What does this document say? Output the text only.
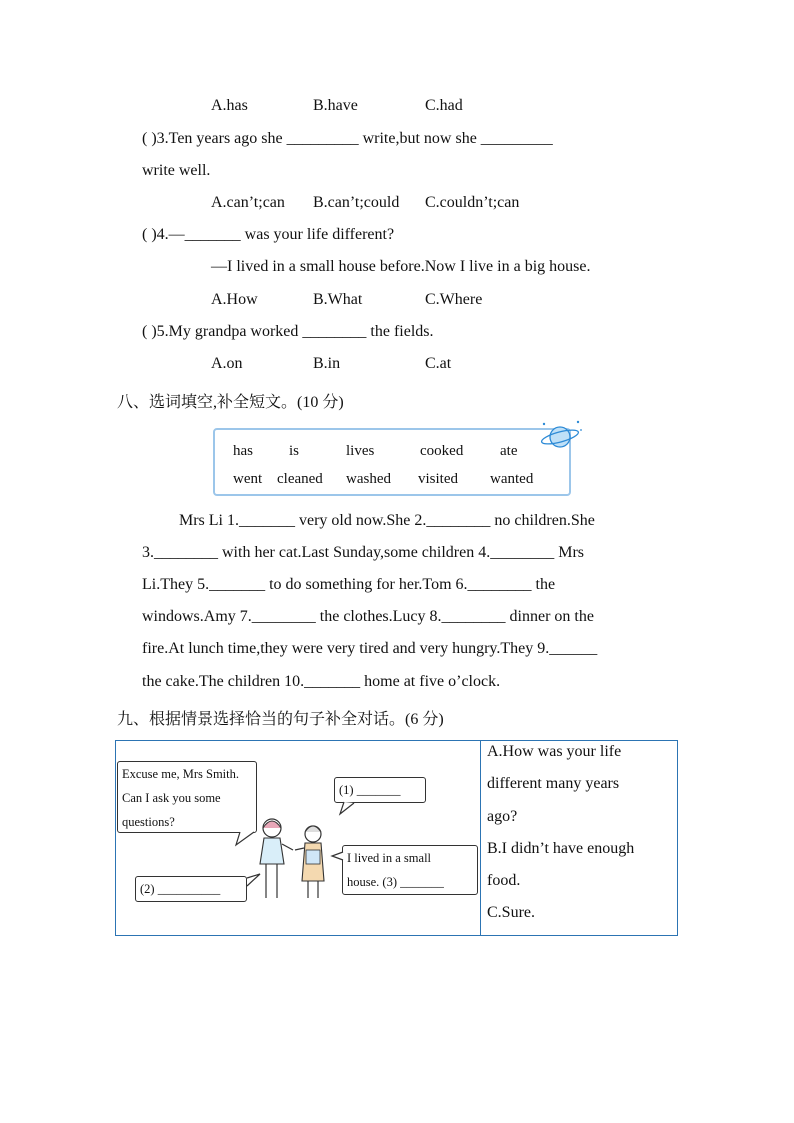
A.has	B.have	C.had
( )3.Ten years ago she _________ write,but now she _________
write well.
A.can’t;can B.can’t;could C.couldn’t;can
( )4.—_______ was your life different?
—I lived in a small house before.Now I live in a big house.
A.How	B.What	C.Where
( )5.My grandpa worked ________ the fields.
A.on	B.in	C.at
八、选词填空,补全短文。(10 分)
has is	lives	cooked ate
went cleaned washed visited wanted
Mrs Li 1._______ very old now.She 2.________ no children.She
3.________ with her cat.Last Sunday,some children 4.________ Mrs
Li.They 5._______ to do something for her.Tom 6.________ the
windows.Amy 7.________ the clothes.Lucy 8.________ dinner on the
fire.At lunch time,they were very tired and very hungry.They 9.______
the cake.The children 10._______ home at five o’clock.
九、根据情景选择恰当的句子补全对话。(6 分)

Excuse me, Mrs Smith.
Can I ask you some
questions?
(1) _______
(2) __________
I lived in a small
house. (3) _______
A.How was your life
different many years
ago?
B.I didn’t have enough
food.
C.Sure.
